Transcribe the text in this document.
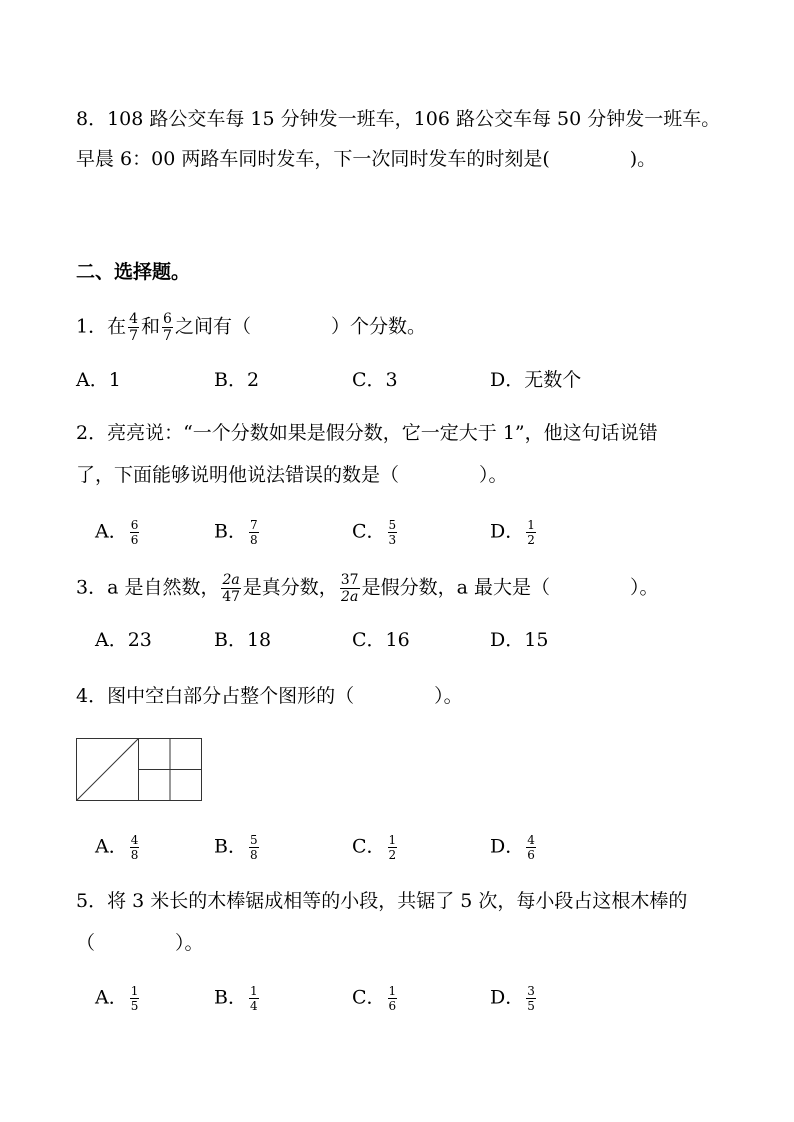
8．108 路公交车每 15 分钟发一班车，106 路公交车每 50 分钟发一班车。
早晨 6：00 两路车同时发车，下一次同时发车的时刻是(	)。
二、选择题。
1．在 $\frac{4}{7}$ 和 $\frac{6}{7}$ 之间有（	）个分数。
A．1	B．2	C．3	D．无数个
2．亮亮说：“一个分数如果是假分数，它一定大于 1”，他这句话说错
了，下面能够说明他说法错误的数是（	）。
A． $\frac{6}{6}$	B． $\frac{7}{8}$	C． $\frac{5}{3}$	D． $\frac{1}{2}$
3．a 是自然数， $\frac{2a}{47}$ 是真分数， $\frac{37}{2a}$ 是假分数，a 最大是（	）。
A．23	B．18	C．16	D．15
4．图中空白部分占整个图形的（	）。
A． $\frac{4}{8}$	B． $\frac{5}{8}$	C． $\frac{1}{2}$	D． $\frac{4}{6}$
5．将 3 米长的木棒锯成相等的小段，共锯了 5 次，每小段占这根木棒的
（	）。
A． $\frac{1}{5}$	B． $\frac{1}{4}$	C． $\frac{1}{6}$	D． $\frac{3}{5}$
